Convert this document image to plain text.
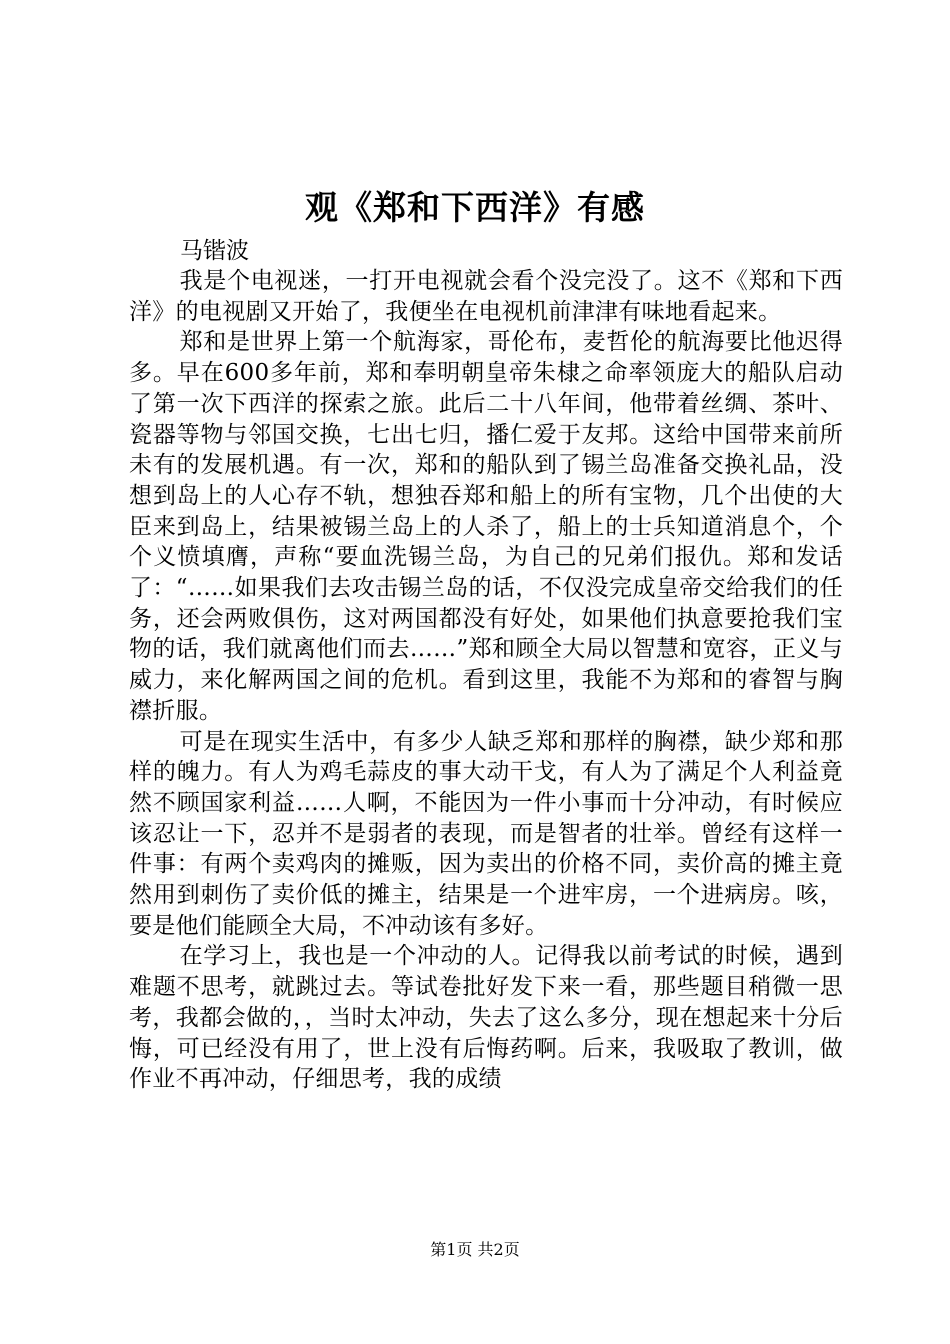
观《郑和下西洋》有感
马锴波

我是个电视迷，一打开电视就会看个没完没了。这不《郑和下西洋》的电视剧又开始了，我便坐在电视机前津津有味地看起来。

郑和是世界上第一个航海家，哥伦布，麦哲伦的航海要比他迟得多。早在600多年前，郑和奉明朝皇帝朱棣之命率领庞大的船队启动了第一次下西洋的探索之旅。此后二十八年间，他带着丝绸、茶叶、瓷器等物与邻国交换，七出七归，播仁爱于友邦。这给中国带来前所未有的发展机遇。有一次，郑和的船队到了锡兰岛准备交换礼品，没想到岛上的人心存不轨，想独吞郑和船上的所有宝物，几个出使的大臣来到岛上，结果被锡兰岛上的人杀了，船上的士兵知道消息个，个个义愤填膺，声称“要血洗锡兰岛，为自己的兄弟们报仇。郑和发话了：“……如果我们去攻击锡兰岛的话，不仅没完成皇帝交给我们的任务，还会两败俱伤，这对两国都没有好处，如果他们执意要抢我们宝物的话，我们就离他们而去……”郑和顾全大局以智慧和宽容，正义与威力，来化解两国之间的危机。看到这里，我能不为郑和的睿智与胸襟折服。

可是在现实生活中，有多少人缺乏郑和那样的胸襟，缺少郑和那样的魄力。有人为鸡毛蒜皮的事大动干戈，有人为了满足个人利益竟然不顾国家利益……人啊，不能因为一件小事而十分冲动，有时候应该忍让一下，忍并不是弱者的表现，而是智者的壮举。曾经有这样一件事：有两个卖鸡肉的摊贩，因为卖出的价格不同，卖价高的摊主竟然用到刺伤了卖价低的摊主，结果是一个进牢房，一个进病房。咳，要是他们能顾全大局，不冲动该有多好。

在学习上，我也是一个冲动的人。记得我以前考试的时候，遇到难题不思考，就跳过去。等试卷批好发下来一看，那些题目稍微一思考，我都会做的，，当时太冲动，失去了这么多分，现在想起来十分后悔，可已经没有用了，世上没有后悔药啊。后来，我吸取了教训，做作业不再冲动，仔细思考，我的成绩

第1页 共2页
